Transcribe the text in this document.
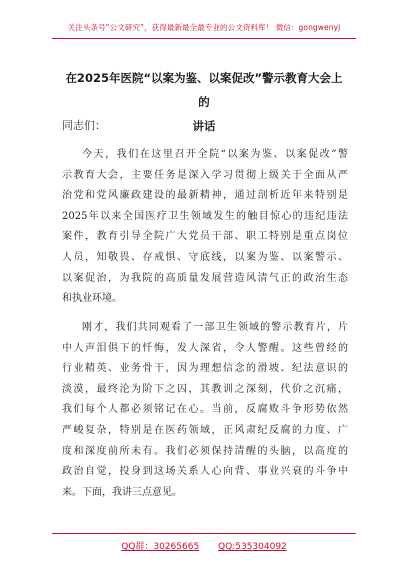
关注头条号“公文研究”，获得最新最全最专业的公文资料库！ 微信：gongwenyj
在2025年医院“以案为鉴、以案促改”警示教育大会上的
讲话
同志们：
今天，我们在这里召开全院“以案为鉴、以案促改”警
示教育大会，主要任务是深入学习贯彻上级关于全面从严
治党和党风廉政建设的最新精神，通过剖析近年来特别是
2025年以来全国医疗卫生领域发生的触目惊心的违纪违法
案件，教育引导全院广大党员干部、职工特别是重点岗位
人员，知敬畏、存戒惧、守底线，以案为鉴、以案警示、
以案促治，为我院的高质量发展营造风清气正的政治生态
和执业环境。
刚才，我们共同观看了一部卫生领域的警示教育片，片
中人声泪俱下的忏悔，发人深省，令人警醒。这些曾经的
行业精英、业务骨干，因为理想信念的滑坡、纪法意识的
淡漠，最终沦为阶下之囚，其教训之深刻，代价之沉痛，
我们每个人都必须铭记在心。当前，反腐败斗争形势依然
严峻复杂，特别是在医药领域，正风肃纪反腐的力度、广
度和深度前所未有。我们必须保持清醒的头脑，以高度的
政治自觉，投身到这场关系人心向背、事业兴衰的斗争中
来。下面，我讲三点意见。
QQ群：30265665 QQ:535304092
